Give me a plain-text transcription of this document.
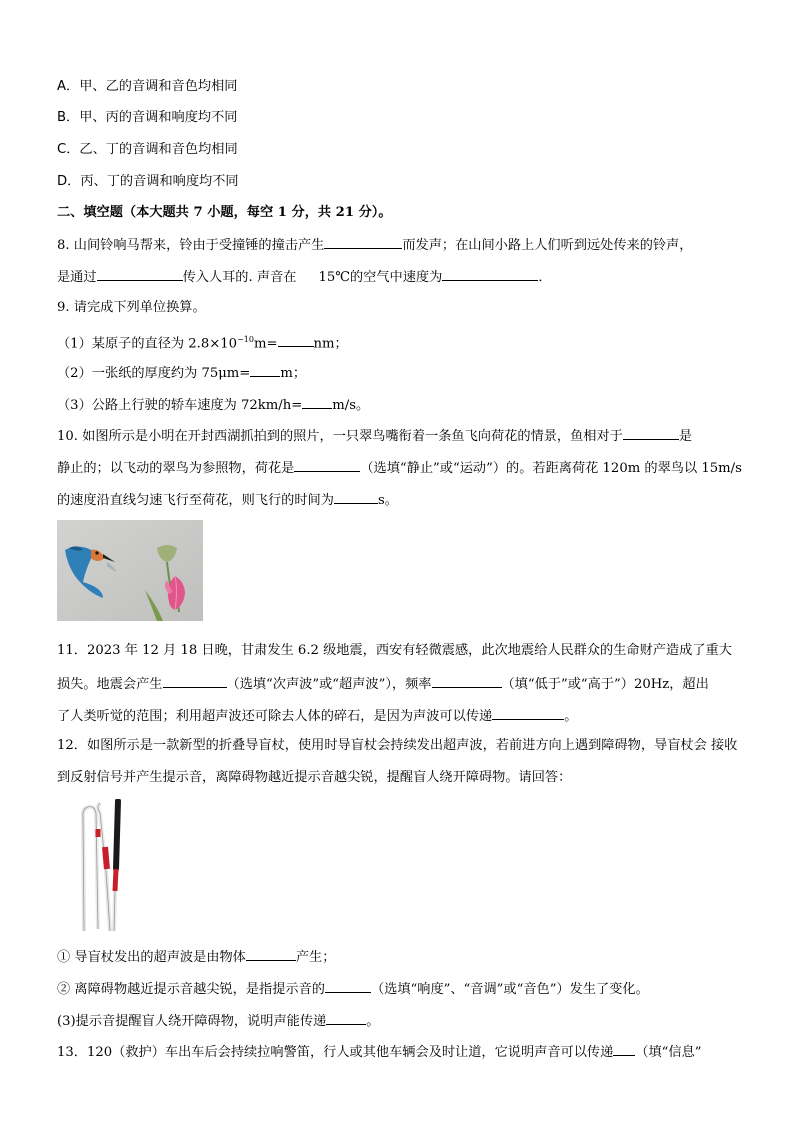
A．甲、乙的音调和音色均相同
B．甲、丙的音调和响度均不同
C．乙、丁的音调和音色均相同
D．丙、丁的音调和响度均不同
二、填空题（本大题共 7 小题，每空 1 分，共 21 分）。
8. 山间铃响马帮来，铃由于受撞锤的撞击产生	而发声；在山间小路上人们听到远处传来的铃声，
是通过	传入人耳的. 声音在 15℃的空气中速度为	．
9. 请完成下列单位换算。
（1）某原子的直径为 $2.8\times 10^{-10}m=$	nm；
（2）一张纸的厚度约为 75μm= m；
（3）公路上行驶的轿车速度为 72km/h= m/s。
10. 如图所示是小明在开封西湖抓拍到的照片，一只翠鸟嘴衔着一条鱼飞向荷花的情景，鱼相对于	是
静止的；以飞动的翠鸟为参照物，荷花是	（选填“静止”或“运动”）的。若距离荷花 120m 的翠鸟以 15m/s
的速度沿直线匀速飞行至荷花，则飞行的时间为	s。
11．2023 年 12 月 18 日晚，甘肃发生 6.2 级地震，西安有轻微震感，此次地震给人民群众的生命财产造成了重大
损失。地震会产生	（选填“次声波”或“超声波”），频率	（填“低于”或“高于”）20Hz，超出
了人类听觉的范围；利用超声波还可除去人体的碎石，是因为声波可以传递	。
12．如图所示是一款新型的折叠导盲杖，使用时导盲杖会持续发出超声波，若前进方向上遇到障碍物，导盲杖会 接收
到反射信号并产生提示音，离障碍物越近提示音越尖锐，提醒盲人绕开障碍物。请回答：
① 导盲杖发出的超声波是由物体	产生；
② 离障碍物越近提示音越尖锐，是指提示音的	（选填“响度”、“音调”或“音色”）发生了变化。
(3)提示音提醒盲人绕开障碍物，说明声能传递	。
13．120（救护）车出车后会持续拉响警笛，行人或其他车辆会及时让道，它说明声音可以传递 （填“信息”
